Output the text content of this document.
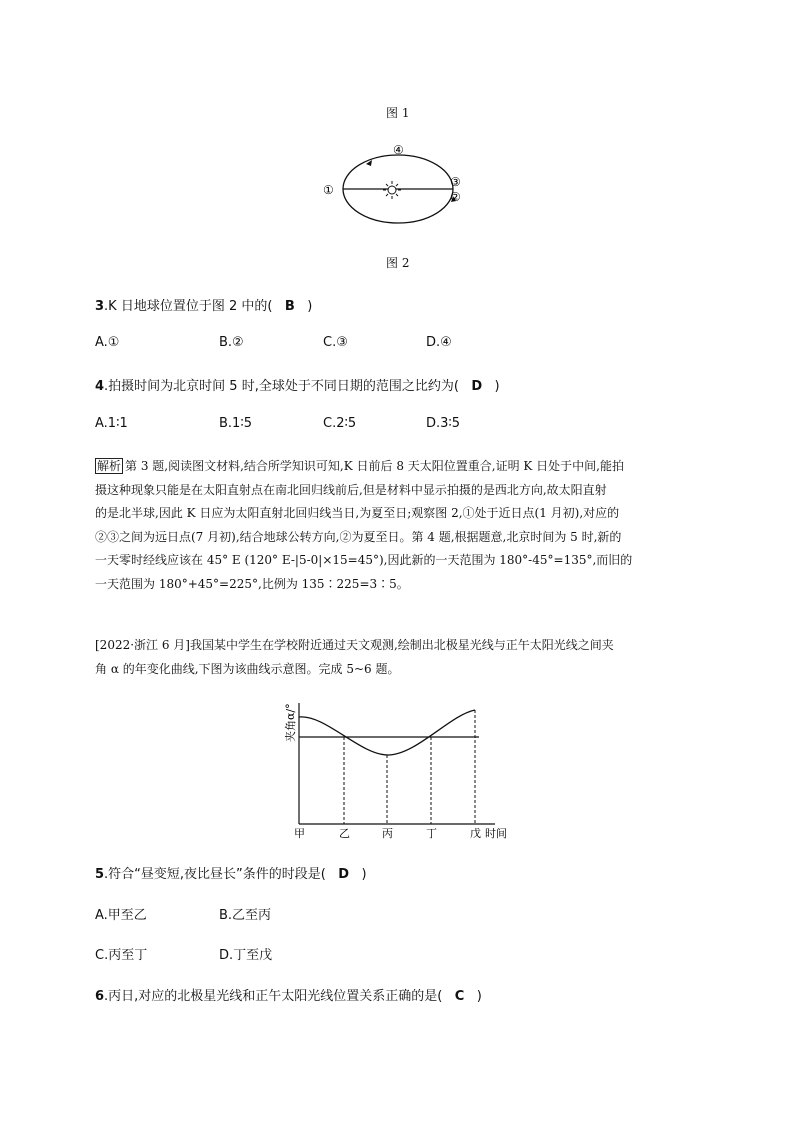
图 1
①
④
③
②
图 2
3.K 日地球位置位于图 2 中的( B )
A.①	B.②	C.③	D.④
4.拍摄时间为北京时间 5 时,全球处于不同日期的范围之比约为( D )
A.1∶1	B.1∶5	C.2∶5	D.3∶5
解析 第 3 题,阅读图文材料,结合所学知识可知,K 日前后 8 天太阳位置重合,证明 K 日处于中间,能拍
摄这种现象只能是在太阳直射点在南北回归线前后,但是材料中显示拍摄的是西北方向,故太阳直射
的是北半球,因此 K 日应为太阳直射北回归线当日,为夏至日;观察图 2,①处于近日点(1 月初),对应的
②③之间为远日点(7 月初),结合地球公转方向,②为夏至日。第 4 题,根据题意,北京时间为 5 时,新的
一天零时经线应该在 45° E (120° E-|5-0|×15=45°),因此新的一天范围为 180°-45°=135°,而旧的
一天范围为 180°+45°=225°,比例为 135∶225=3∶5。
[2022·浙江 6 月]我国某中学生在学校附近通过天文观测,绘制出北极星光线与正午太阳光线之间夹
角 α 的年变化曲线,下图为该曲线示意图。完成 5~6 题。
夹角α/°
甲	乙	丙	丁	戊 时间
5.符合“昼变短,夜比昼长”条件的时段是( D )
A.甲至乙	B.乙至丙
C.丙至丁	D.丁至戊
6.丙日,对应的北极星光线和正午太阳光线位置关系正确的是( C )
